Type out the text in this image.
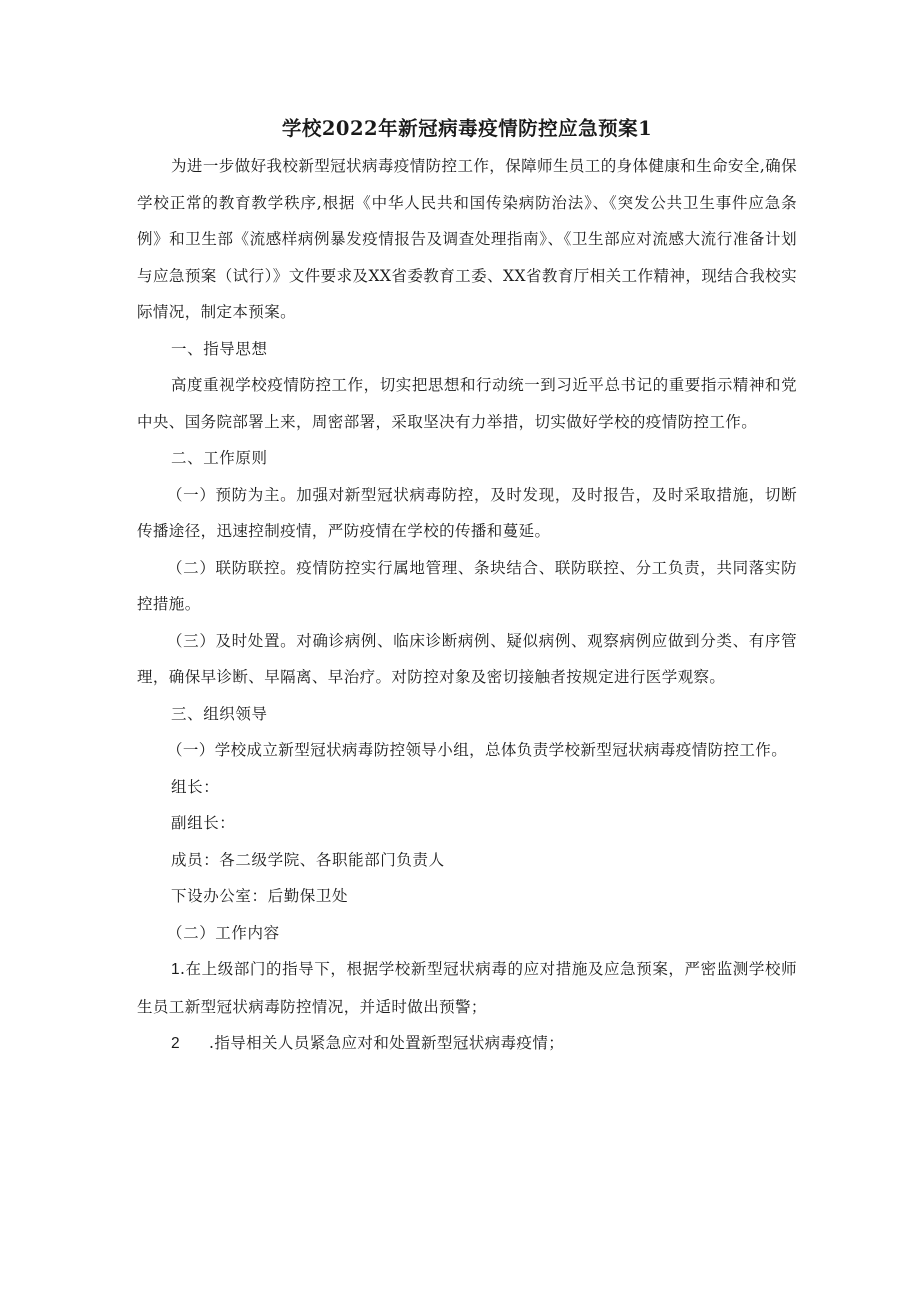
学校2022年新冠病毒疫情防控应急预案1

为进一步做好我校新型冠状病毒疫情防控工作，保障师生员工的身体健康和生命安全,确保学校正常的教育教学秩序,根据《中华人民共和国传染病防治法》、《突发公共卫生事件应急条例》和卫生部《流感样病例暴发疫情报告及调查处理指南》、《卫生部应对流感大流行准备计划与应急预案（试行）》文件要求及XX省委教育工委、XX省教育厅相关工作精神，现结合我校实际情况，制定本预案。

一、指导思想

高度重视学校疫情防控工作，切实把思想和行动统一到习近平总书记的重要指示精神和党中央、国务院部署上来，周密部署，采取坚决有力举措，切实做好学校的疫情防控工作。

二、工作原则

（一）预防为主。加强对新型冠状病毒防控，及时发现，及时报告，及时采取措施，切断传播途径，迅速控制疫情，严防疫情在学校的传播和蔓延。

（二）联防联控。疫情防控实行属地管理、条块结合、联防联控、分工负责，共同落实防控措施。

（三）及时处置。对确诊病例、临床诊断病例、疑似病例、观察病例应做到分类、有序管理，确保早诊断、早隔离、早治疗。对防控对象及密切接触者按规定进行医学观察。

三、组织领导

（一）学校成立新型冠状病毒防控领导小组，总体负责学校新型冠状病毒疫情防控工作。

组长：

副组长：

成员：各二级学院、各职能部门负责人

下设办公室：后勤保卫处

（二）工作内容

1.在上级部门的指导下，根据学校新型冠状病毒的应对措施及应急预案，严密监测学校师生员工新型冠状病毒防控情况，并适时做出预警；

2 .指导相关人员紧急应对和处置新型冠状病毒疫情；
